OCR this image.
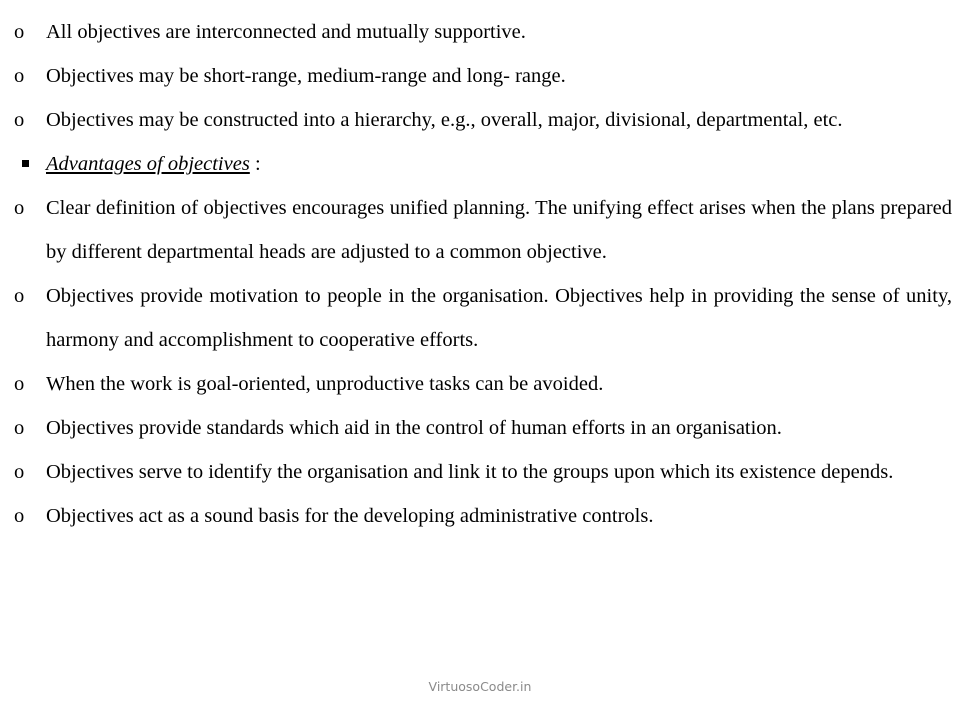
o	All objectives are interconnected and mutually supportive.
o	Objectives may be short-range, medium-range and long- range.
o	Objectives may be constructed into a hierarchy, e.g., overall, major, divisional, departmental, etc.
Advantages of objectives :
o	Clear definition of objectives encourages unified planning. The unifying effect arises when the plans prepared by different departmental heads are adjusted to a common objective.
o	Objectives provide motivation to people in the organisation. Objectives help in providing the sense of unity, harmony and accomplishment to cooperative efforts.
o	When the work is goal-oriented, unproductive tasks can be avoided.
o	Objectives provide standards which aid in the control of human efforts in an organisation.
o	Objectives serve to identify the organisation and link it to the groups upon which its existence depends.
o	Objectives act as a sound basis for the developing administrative controls.
VirtuosoCoder.in
